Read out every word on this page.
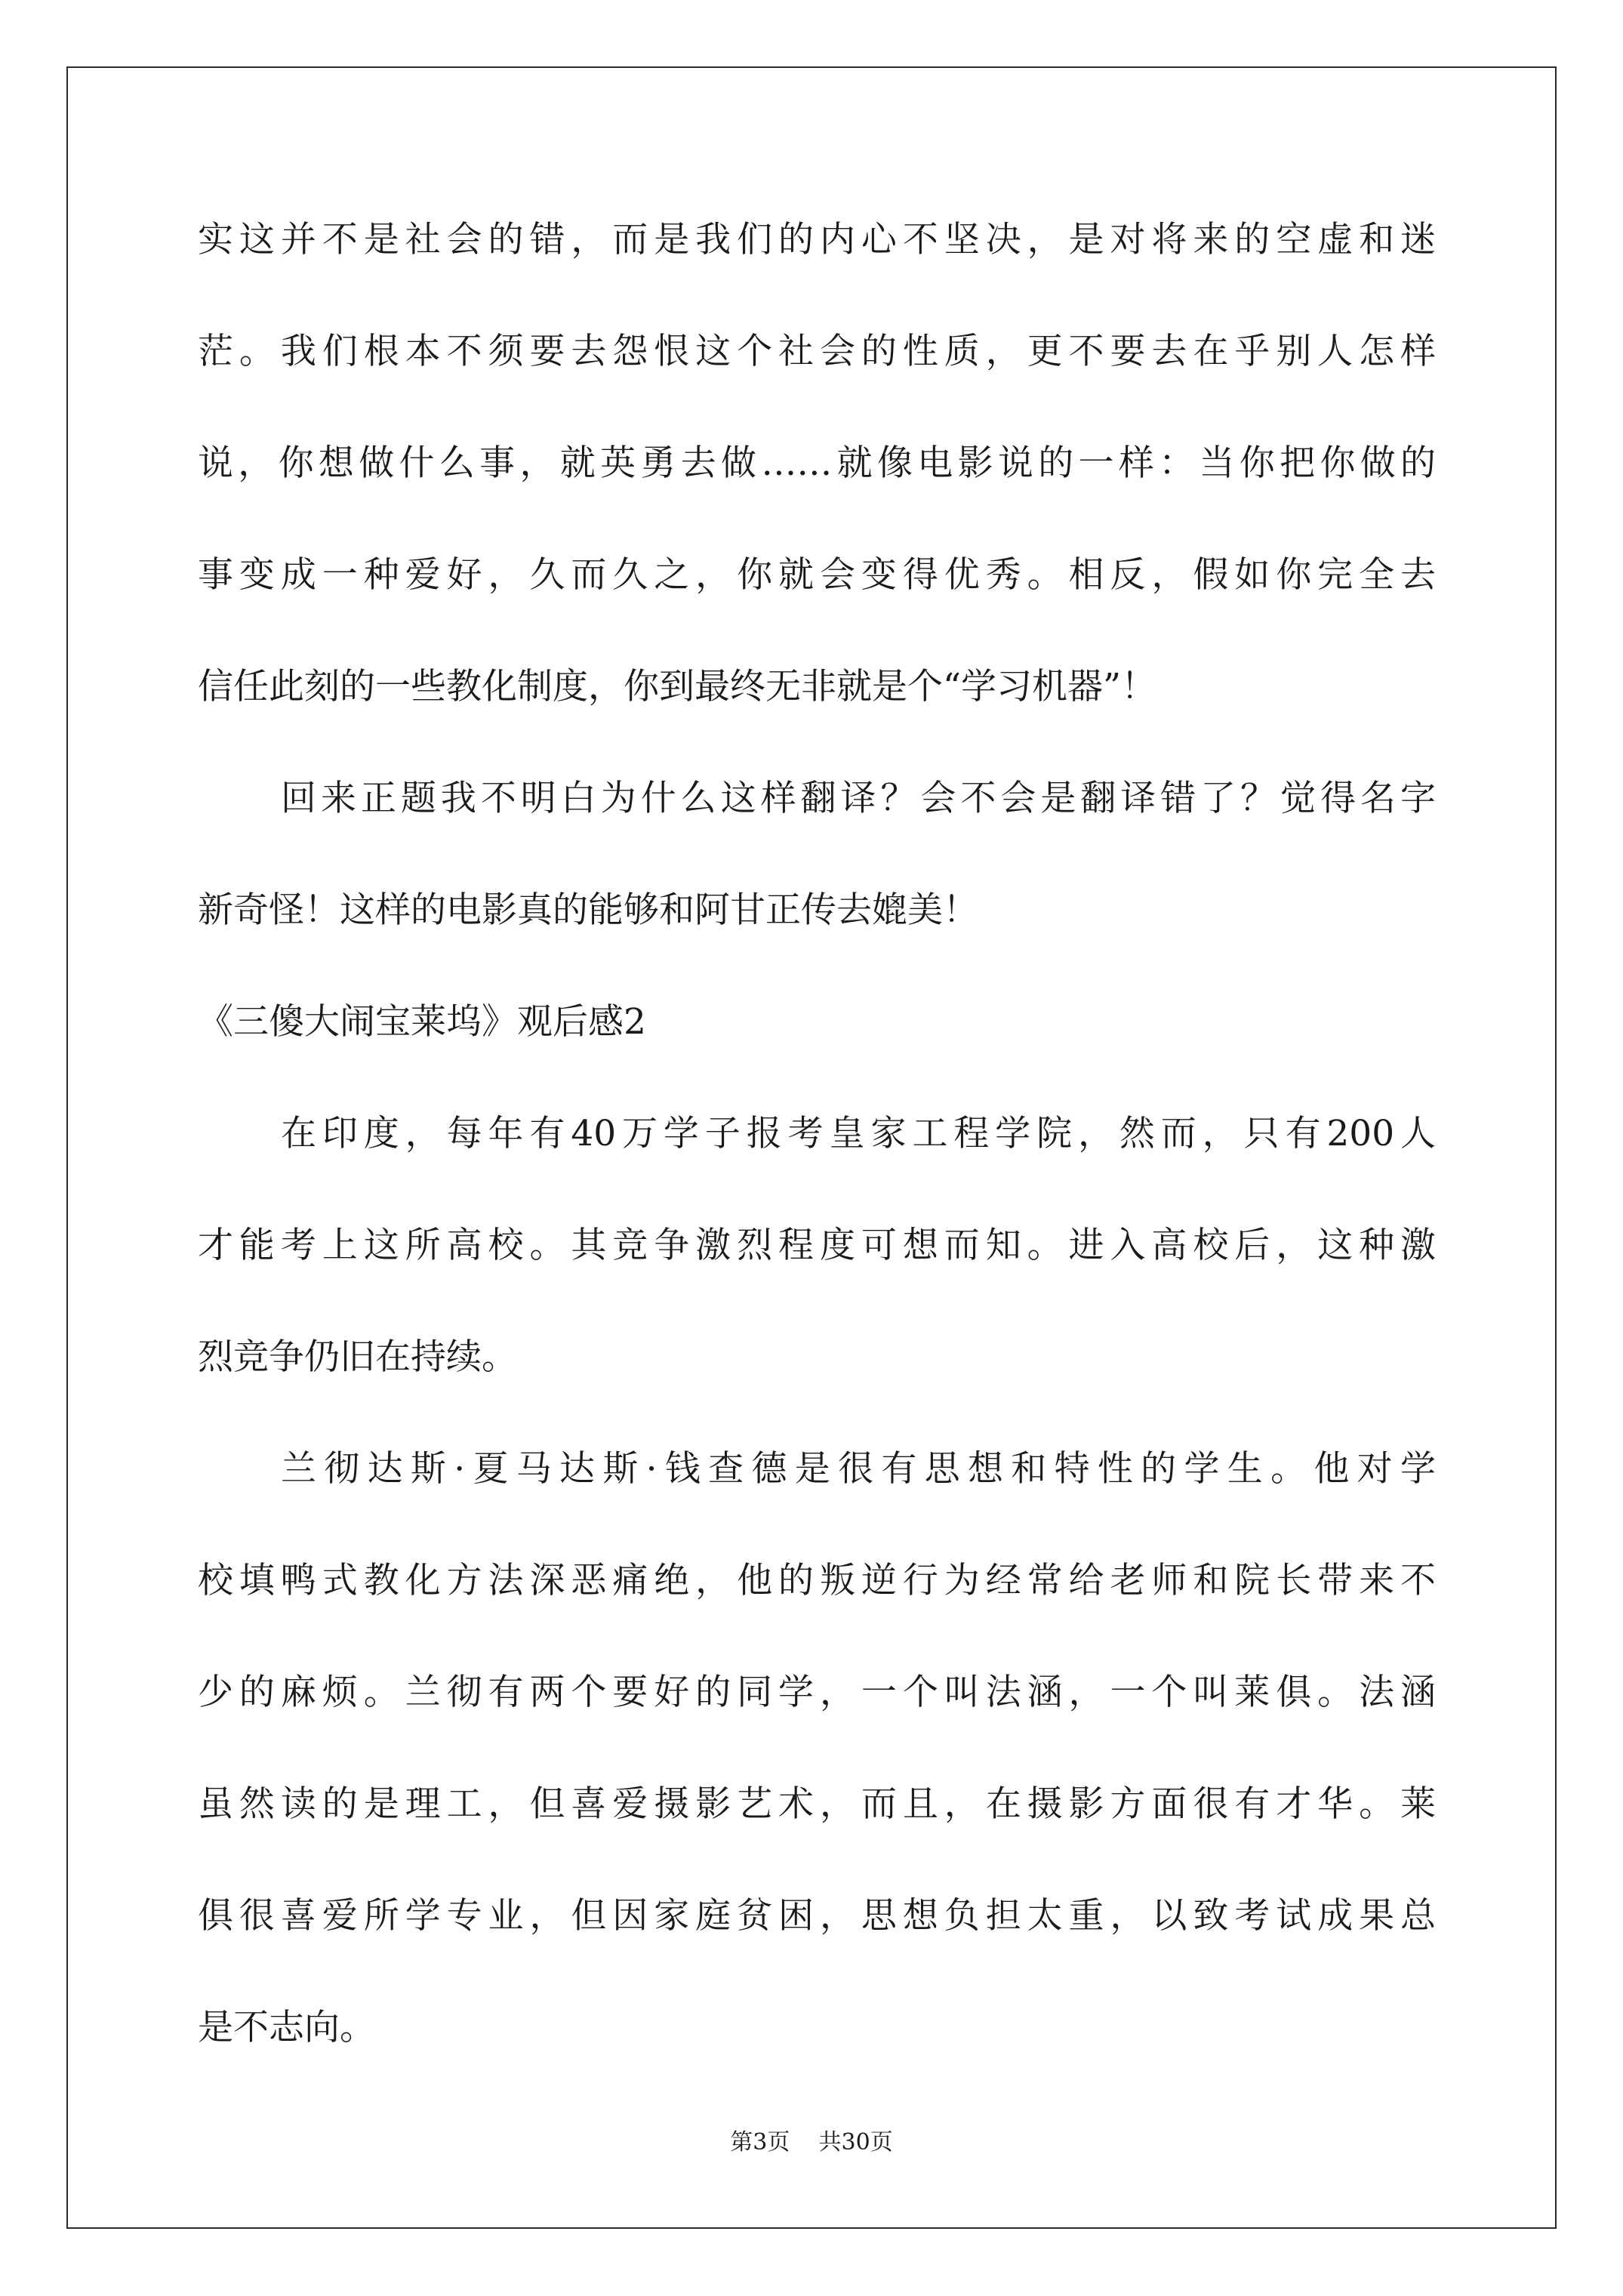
实这并不是社会的错，而是我们的内心不坚决，是对将来的空虚和迷
茫。我们根本不须要去怨恨这个社会的性质，更不要去在乎别人怎样
说，你想做什么事，就英勇去做……就像电影说的一样：当你把你做的
事变成一种爱好，久而久之，你就会变得优秀。相反，假如你完全去
信任此刻的一些教化制度，你到最终无非就是个“学习机器”！
回来正题我不明白为什么这样翻译？会不会是翻译错了？觉得名字
新奇怪！这样的电影真的能够和阿甘正传去媲美！
《三傻大闹宝莱坞》观后感2
在印度，每年有40万学子报考皇家工程学院，然而，只有200人
才能考上这所高校。其竞争激烈程度可想而知。进入高校后，这种激
烈竞争仍旧在持续。
兰彻达斯·夏马达斯·钱查德是很有思想和特性的学生。他对学
校填鸭式教化方法深恶痛绝，他的叛逆行为经常给老师和院长带来不
少的麻烦。兰彻有两个要好的同学，一个叫法涵，一个叫莱俱。法涵
虽然读的是理工，但喜爱摄影艺术，而且，在摄影方面很有才华。莱
俱很喜爱所学专业，但因家庭贫困，思想负担太重，以致考试成果总
是不志向。
第3页    共30页
